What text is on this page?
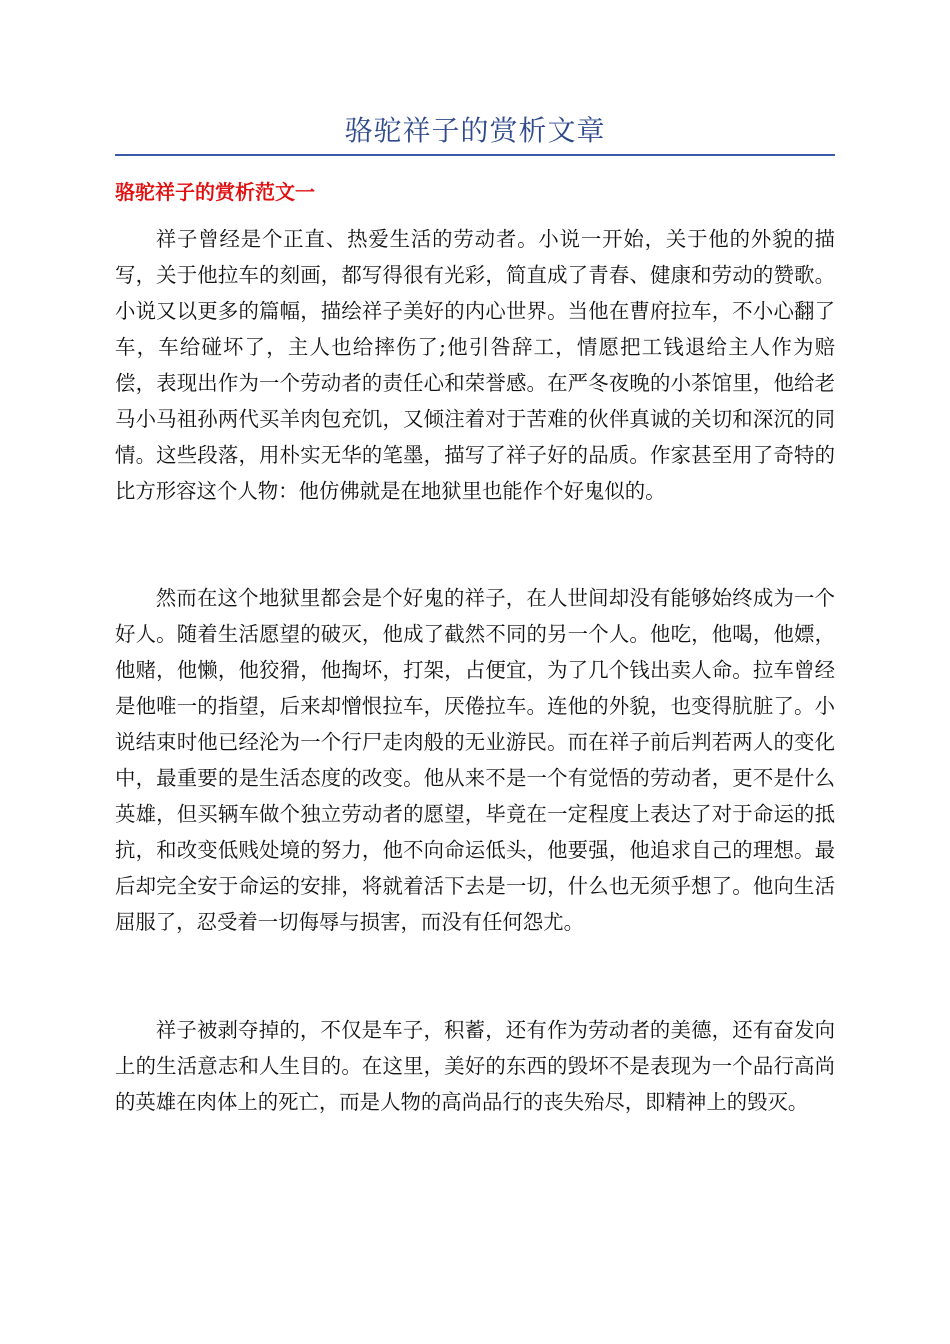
骆驼祥子的赏析文章
骆驼祥子的赏析范文一

祥子曾经是个正直、热爱生活的劳动者。小说一开始，关于他的外貌的描写，关于他拉车的刻画，都写得很有光彩，简直成了青春、健康和劳动的赞歌。小说又以更多的篇幅，描绘祥子美好的内心世界。当他在曹府拉车，不小心翻了车，车给碰坏了，主人也给摔伤了;他引咎辞工，情愿把工钱退给主人作为赔偿，表现出作为一个劳动者的责任心和荣誉感。在严冬夜晚的小茶馆里，他给老马小马祖孙两代买羊肉包充饥，又倾注着对于苦难的伙伴真诚的关切和深沉的同情。这些段落，用朴实无华的笔墨，描写了祥子好的品质。作家甚至用了奇特的比方形容这个人物：他仿佛就是在地狱里也能作个好鬼似的。

然而在这个地狱里都会是个好鬼的祥子，在人世间却没有能够始终成为一个好人。随着生活愿望的破灭，他成了截然不同的另一个人。他吃，他喝，他嫖，他赌，他懒，他狡猾，他掏坏，打架，占便宜，为了几个钱出卖人命。拉车曾经是他唯一的指望，后来却憎恨拉车，厌倦拉车。连他的外貌，也变得肮脏了。小说结束时他已经沦为一个行尸走肉般的无业游民。而在祥子前后判若两人的变化中，最重要的是生活态度的改变。他从来不是一个有觉悟的劳动者，更不是什么英雄，但买辆车做个独立劳动者的愿望，毕竟在一定程度上表达了对于命运的抵抗，和改变低贱处境的努力，他不向命运低头，他要强，他追求自己的理想。最后却完全安于命运的安排，将就着活下去是一切，什么也无须乎想了。他向生活屈服了，忍受着一切侮辱与损害，而没有任何怨尤。

祥子被剥夺掉的，不仅是车子，积蓄，还有作为劳动者的美德，还有奋发向上的生活意志和人生目的。在这里，美好的东西的毁坏不是表现为一个品行高尚的英雄在肉体上的死亡，而是人物的高尚品行的丧失殆尽，即精神上的毁灭。
